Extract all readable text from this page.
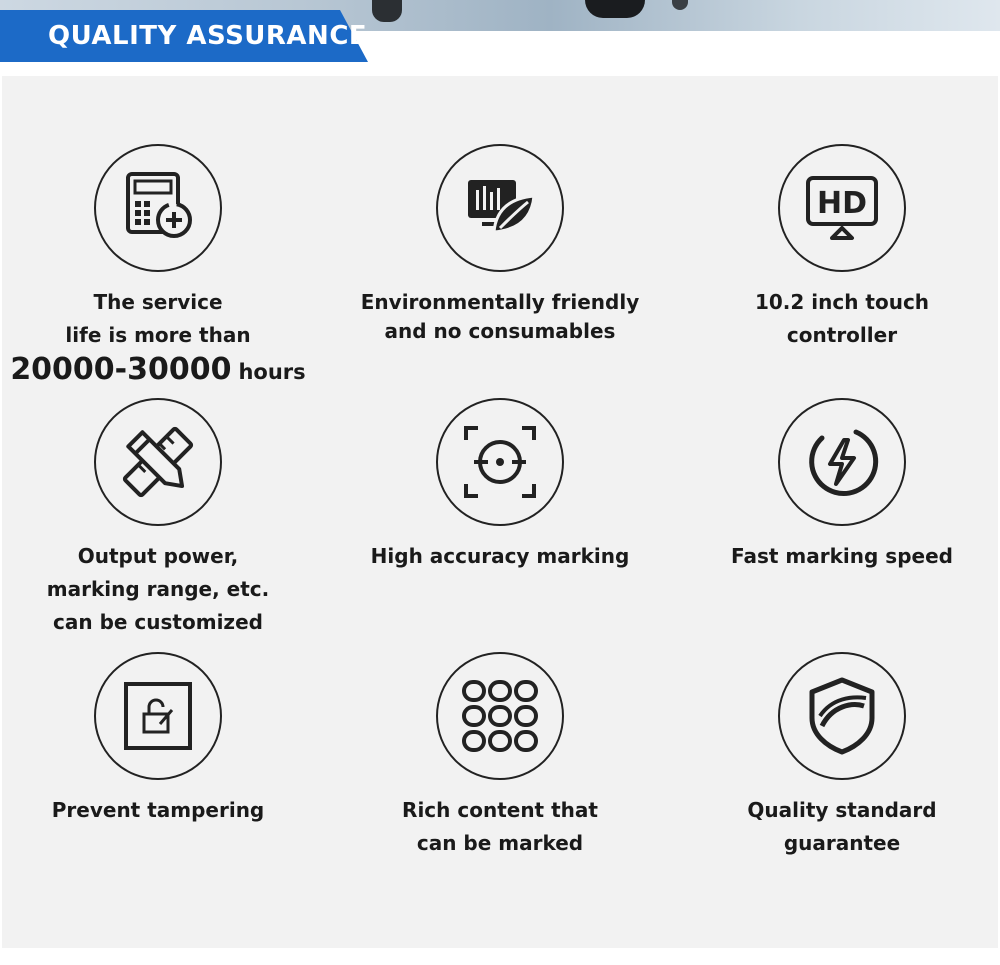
QUALITY ASSURANCE
The service
life is more than
20000-30000 hours
Environmentally friendly
and no consumables
HD
10.2 inch touch
controller
Output power,
marking range, etc.
can be customized
High accuracy marking	Fast marking speed
Prevent tampering	Rich content that
can be marked
Quality standard
guarantee
